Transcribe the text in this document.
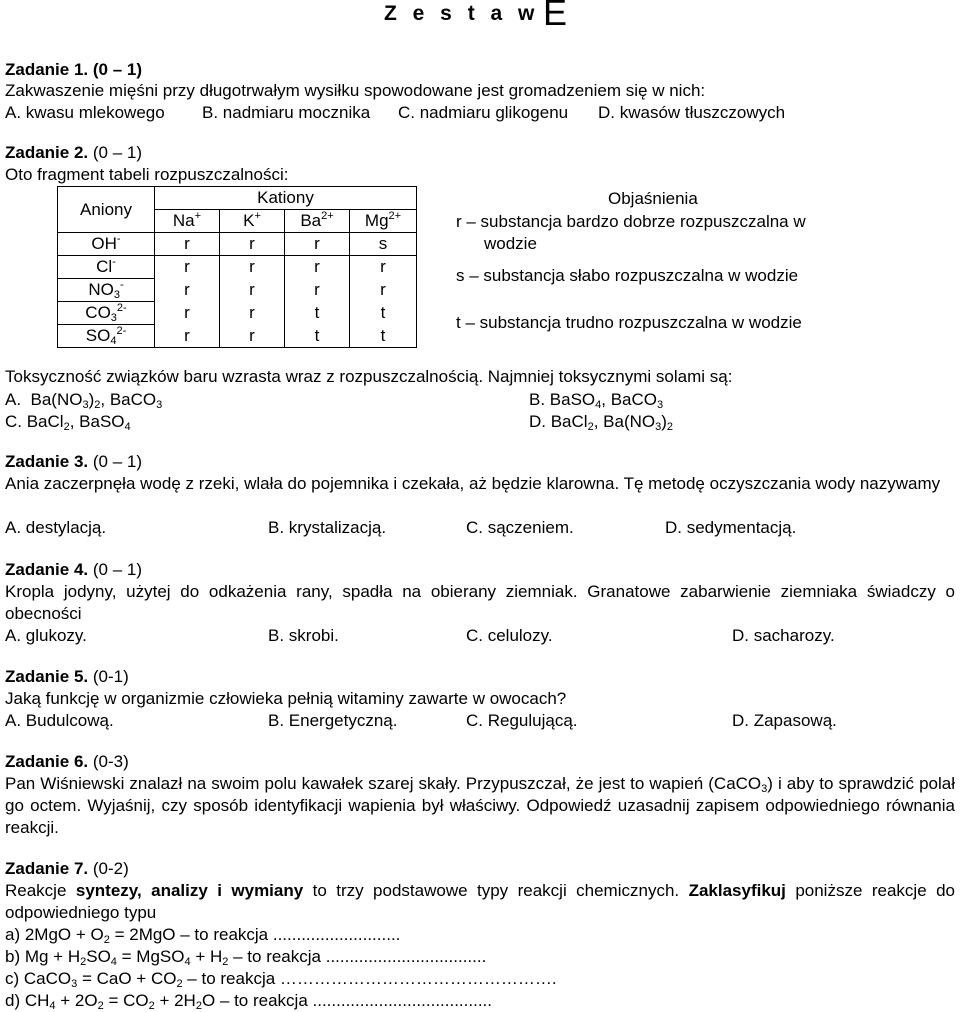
Z e s t a w E
Zadanie 1. (0 – 1)
Zakwaszenie mięśni przy długotrwałym wysiłku spowodowane jest gromadzeniem się w nich:
A. kwasu mlekowego B. nadmiaru mocznika C. nadmiaru glikogenu D. kwasów tłuszczowych
Zadanie 2. (0 – 1)
Oto fragment tabeli rozpuszczalności:
Aniony	Kationy			
	Na+	K+	$Ba^{2+}$	$Mg^{2+}$
OH-	r	r	r	s
Cl-	r	r	r	r
$NO_3^-$	r	r	r	r
$CO_3^{2-}$	r	r	t	t
$SO_4^{2-}$	r	r	t	t
Objaśnienia
r – substancja bardzo dobrze rozpuszczalna w
wodzie
s – substancja słabo rozpuszczalna w wodzie
t – substancja trudno rozpuszczalna w wodzie
Toksyczność związków baru wzrasta wraz z rozpuszczalnością. Najmniej toksycznymi solami są:
A.  $Ba(NO_3)_2$, BaCO$_3$	B. BaSO$_4$, BaCO$_3$
C. BaCl$_2$, BaSO$_4$	D. BaCl$_2$, $Ba(NO_3)_2$
Zadanie 3. (0 – 1)
Ania zaczerpnęła wodę z rzeki, wlała do pojemnika i czekała, aż będzie klarowna. Tę metodę oczyszczania wody nazywamy
A. destylacją.	B. krystalizacją.	C. sączeniem.	D. sedymentacją.
Zadanie 4. (0 – 1)
Kropla jodyny, użytej do odkażenia rany, spadła na obierany ziemniak. Granatowe zabarwienie ziemniaka świadczy o obecności
A. glukozy.	B. skrobi.	C. celulozy.	D. sacharozy.
Zadanie 5. (0-1)
Jaką funkcję w organizmie człowieka pełnią witaminy zawarte w owocach?
A. Budulcową.	B. Energetyczną.	C. Regulującą.	D. Zapasową.
Zadanie 6. (0-3)
Pan Wiśniewski znalazł na swoim polu kawałek szarej skały. Przypuszczał, że jest to wapień (CaCO$_3$) i aby to sprawdzić polał go octem. Wyjaśnij, czy sposób identyfikacji wapienia był właściwy. Odpowiedź uzasadnij zapisem odpowiedniego równania reakcji.
Zadanie 7. (0-2)
Reakcje syntezy, analizy i wymiany to trzy podstawowe typy reakcji chemicznych. Zaklasyfikuj poniższe reakcje do odpowiedniego typu
a) $2MgO + O_2 = 2MgO$ – to reakcja ...........................
b) $Mg + H_2SO_4$ = MgSO$_4$ + $H_2$ – to reakcja ..................................
c) CaCO$_3$ = CaO + $CO_2$ – to reakcja ………………………………………….
d) $CH_4 + 2O_2 = CO_2 + 2H_2O$ – to reakcja ......................................
